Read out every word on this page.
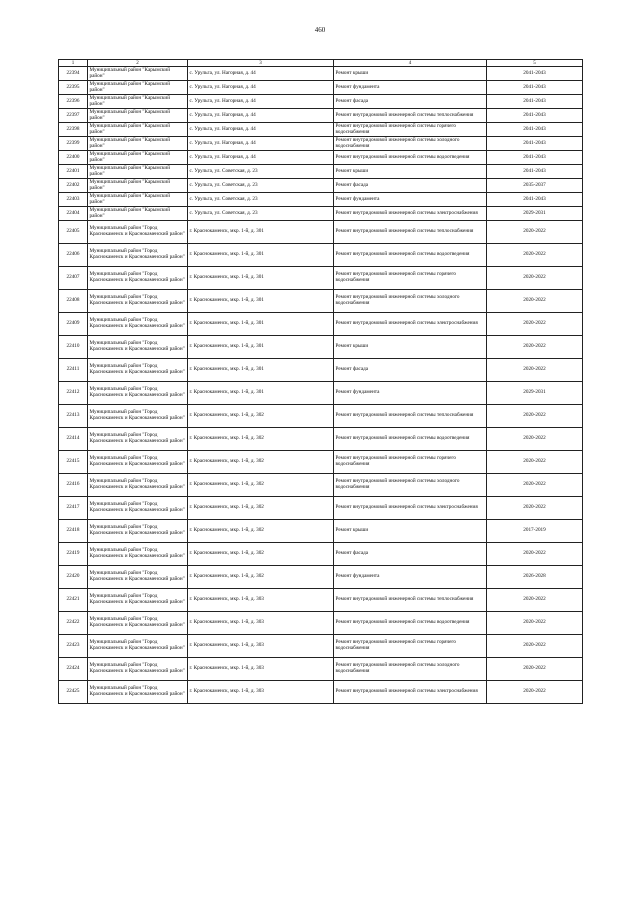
460
1	2	3	4	5
22394	Муниципальный район "Карымский район"	с. Урульга, ул. Нагорная, д. 44	Ремонт крыши	2041-2043
22395	Муниципальный район "Карымский район"	с. Урульга, ул. Нагорная, д. 44	Ремонт фундамента	2041-2043
22396	Муниципальный район "Карымский район"	с. Урульга, ул. Нагорная, д. 44	Ремонт фасада	2041-2043
22397	Муниципальный район "Карымский район"	с. Урульга, ул. Нагорная, д. 44	Ремонт внутридомовой инженерной системы теплоснабжения	2041-2043
22398	Муниципальный район "Карымский район"	с. Урульга, ул. Нагорная, д. 44	Ремонт внутридомовой инженерной системы горячего водоснабжения	2041-2043
22399	Муниципальный район "Карымский район"	с. Урульга, ул. Нагорная, д. 44	Ремонт внутридомовой инженерной системы холодного водоснабжения	2041-2043
22400	Муниципальный район "Карымский район"	с. Урульга, ул. Нагорная, д. 44	Ремонт внутридомовой инженерной системы водоотведения	2041-2043
22401	Муниципальный район "Карымский район"	с. Урульга, ул. Советская, д. 23	Ремонт крыши	2041-2043
22402	Муниципальный район "Карымский район"	с. Урульга, ул. Советская, д. 23	Ремонт фасада	2035-2037
22403	Муниципальный район "Карымский район"	с. Урульга, ул. Советская, д. 23	Ремонт фундамента	2041-2043
22404	Муниципальный район "Карымский район"	с. Урульга, ул. Советская, д. 23	Ремонт внутридомовой инженерной системы электроснабжения	2029-2031
22405	Муниципальный район "Город Краснокаменск и Краснокаменский район"	г. Краснокаменск, мкр. 1-й, д. 301	Ремонт внутридомовой инженерной системы теплоснабжения	2020-2022
22406	Муниципальный район "Город Краснокаменск и Краснокаменский район"	г. Краснокаменск, мкр. 1-й, д. 301	Ремонт внутридомовой инженерной системы водоотведения	2020-2022
22407	Муниципальный район "Город Краснокаменск и Краснокаменский район"	г. Краснокаменск, мкр. 1-й, д. 301	Ремонт внутридомовой инженерной системы горячего водоснабжения	2020-2022
22408	Муниципальный район "Город Краснокаменск и Краснокаменский район"	г. Краснокаменск, мкр. 1-й, д. 301	Ремонт внутридомовой инженерной системы холодного водоснабжения	2020-2022
22409	Муниципальный район "Город Краснокаменск и Краснокаменский район"	г. Краснокаменск, мкр. 1-й, д. 301	Ремонт внутридомовой инженерной системы электроснабжения	2020-2022
22410	Муниципальный район "Город Краснокаменск и Краснокаменский район"	г. Краснокаменск, мкр. 1-й, д. 301	Ремонт крыши	2020-2022
22411	Муниципальный район "Город Краснокаменск и Краснокаменский район"	г. Краснокаменск, мкр. 1-й, д. 301	Ремонт фасада	2020-2022
22412	Муниципальный район "Город Краснокаменск и Краснокаменский район"	г. Краснокаменск, мкр. 1-й, д. 301	Ремонт фундамента	2029-2031
22413	Муниципальный район "Город Краснокаменск и Краснокаменский район"	г. Краснокаменск, мкр. 1-й, д. 302	Ремонт внутридомовой инженерной системы теплоснабжения	2020-2022
22414	Муниципальный район "Город Краснокаменск и Краснокаменский район"	г. Краснокаменск, мкр. 1-й, д. 302	Ремонт внутридомовой инженерной системы водоотведения	2020-2022
22415	Муниципальный район "Город Краснокаменск и Краснокаменский район"	г. Краснокаменск, мкр. 1-й, д. 302	Ремонт внутридомовой инженерной системы горячего водоснабжения	2020-2022
22416	Муниципальный район "Город Краснокаменск и Краснокаменский район"	г. Краснокаменск, мкр. 1-й, д. 302	Ремонт внутридомовой инженерной системы холодного водоснабжения	2020-2022
22417	Муниципальный район "Город Краснокаменск и Краснокаменский район"	г. Краснокаменск, мкр. 1-й, д. 302	Ремонт внутридомовой инженерной системы электроснабжения	2020-2022
22418	Муниципальный район "Город Краснокаменск и Краснокаменский район"	г. Краснокаменск, мкр. 1-й, д. 302	Ремонт крыши	2017-2019
22419	Муниципальный район "Город Краснокаменск и Краснокаменский район"	г. Краснокаменск, мкр. 1-й, д. 302	Ремонт фасада	2020-2022
22420	Муниципальный район "Город Краснокаменск и Краснокаменский район"	г. Краснокаменск, мкр. 1-й, д. 302	Ремонт фундамента	2026-2028
22421	Муниципальный район "Город Краснокаменск и Краснокаменский район"	г. Краснокаменск, мкр. 1-й, д. 303	Ремонт внутридомовой инженерной системы теплоснабжения	2020-2022
22422	Муниципальный район "Город Краснокаменск и Краснокаменский район"	г. Краснокаменск, мкр. 1-й, д. 303	Ремонт внутридомовой инженерной системы водоотведения	2020-2022
22423	Муниципальный район "Город Краснокаменск и Краснокаменский район"	г. Краснокаменск, мкр. 1-й, д. 303	Ремонт внутридомовой инженерной системы горячего водоснабжения	2020-2022
22424	Муниципальный район "Город Краснокаменск и Краснокаменский район"	г. Краснокаменск, мкр. 1-й, д. 303	Ремонт внутридомовой инженерной системы холодного водоснабжения	2020-2022
22425	Муниципальный район "Город Краснокаменск и Краснокаменский район"	г. Краснокаменск, мкр. 1-й, д. 303	Ремонт внутридомовой инженерной системы электроснабжения	2020-2022
